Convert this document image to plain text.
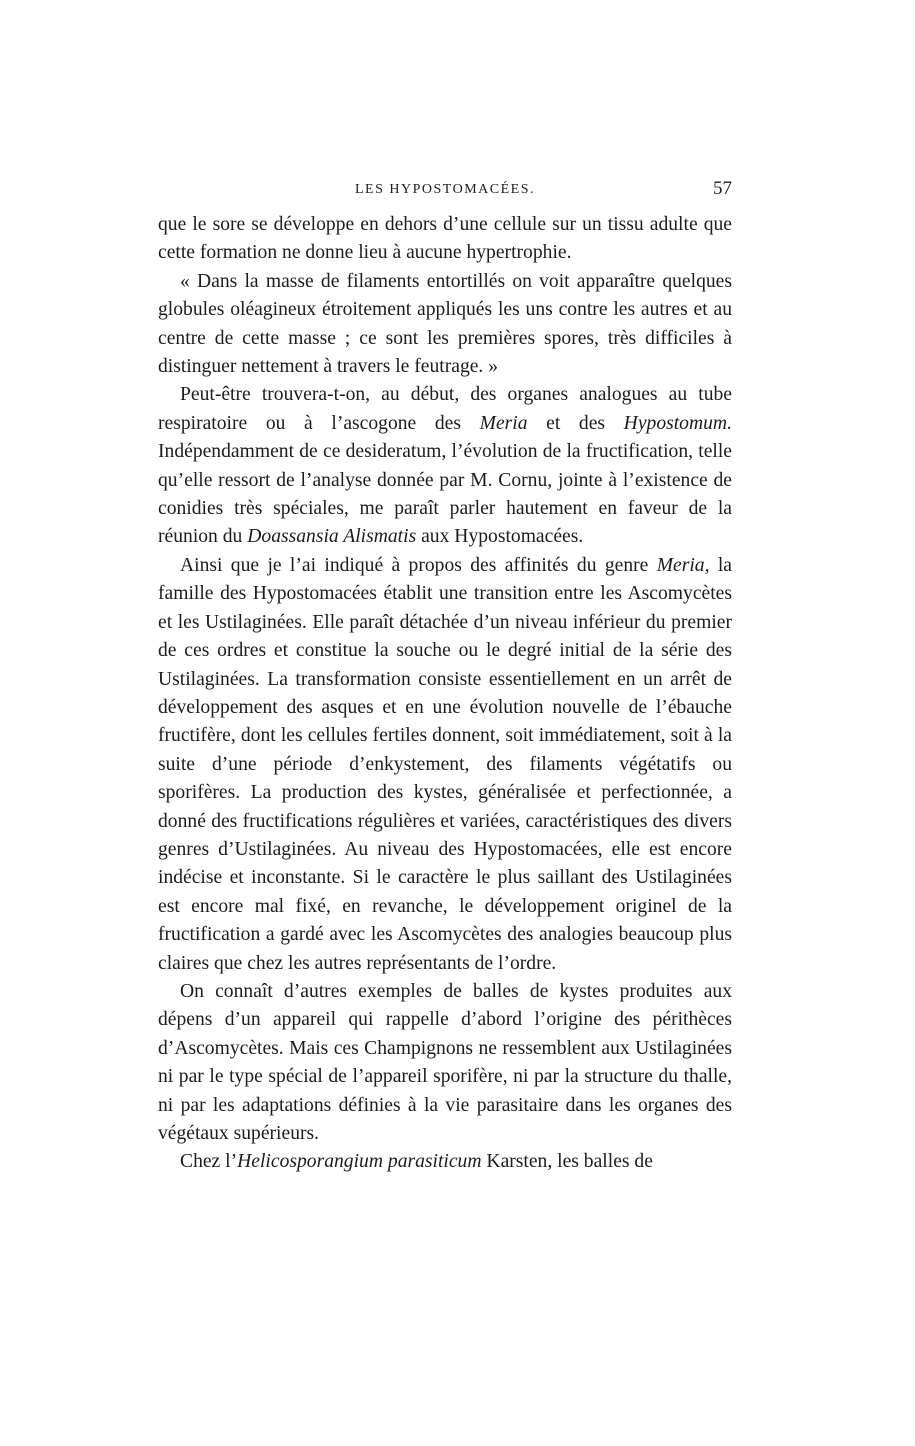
LES HYPOSTOMACÉES.	57

que le sore se développe en dehors d’une cellule sur un tissu adulte que cette formation ne donne lieu à aucune hypertrophie.

« Dans la masse de filaments entortillés on voit apparaître quelques globules oléagineux étroitement appliqués les uns contre les autres et au centre de cette masse ; ce sont les premières spores, très difficiles à distinguer nettement à travers le feutrage. »

Peut-être trouvera-t-on, au début, des organes analogues au tube respiratoire ou à l’ascogone des Meria et des Hypostomum. Indépendamment de ce desideratum, l’évolution de la fructification, telle qu’elle ressort de l’analyse donnée par M. Cornu, jointe à l’existence de conidies très spéciales, me paraît parler hautement en faveur de la réunion du Doassansia Alismatis aux Hypostomacées.

Ainsi que je l’ai indiqué à propos des affinités du genre Meria, la famille des Hypostomacées établit une transition entre les Ascomycètes et les Ustilaginées. Elle paraît détachée d’un niveau inférieur du premier de ces ordres et constitue la souche ou le degré initial de la série des Ustilaginées. La transformation consiste essentiellement en un arrêt de développement des asques et en une évolution nouvelle de l’ébauche fructifère, dont les cellules fertiles donnent, soit immédiatement, soit à la suite d’une période d’enkystement, des filaments végétatifs ou sporifères. La production des kystes, généralisée et perfectionnée, a donné des fructifications régulières et variées, caractéristiques des divers genres d’Ustilaginées. Au niveau des Hypostomacées, elle est encore indécise et inconstante. Si le caractère le plus saillant des Ustilaginées est encore mal fixé, en revanche, le développement originel de la fructification a gardé avec les Ascomycètes des analogies beaucoup plus claires que chez les autres représentants de l’ordre.

On connaît d’autres exemples de balles de kystes produites aux dépens d’un appareil qui rappelle d’abord l’origine des périthèces d’Ascomycètes. Mais ces Champignons ne ressemblent aux Ustilaginées ni par le type spécial de l’appareil sporifère, ni par la structure du thalle, ni par les adaptations définies à la vie parasitaire dans les organes des végétaux supérieurs.

Chez l’Helicosporangium parasiticum Karsten, les balles de
